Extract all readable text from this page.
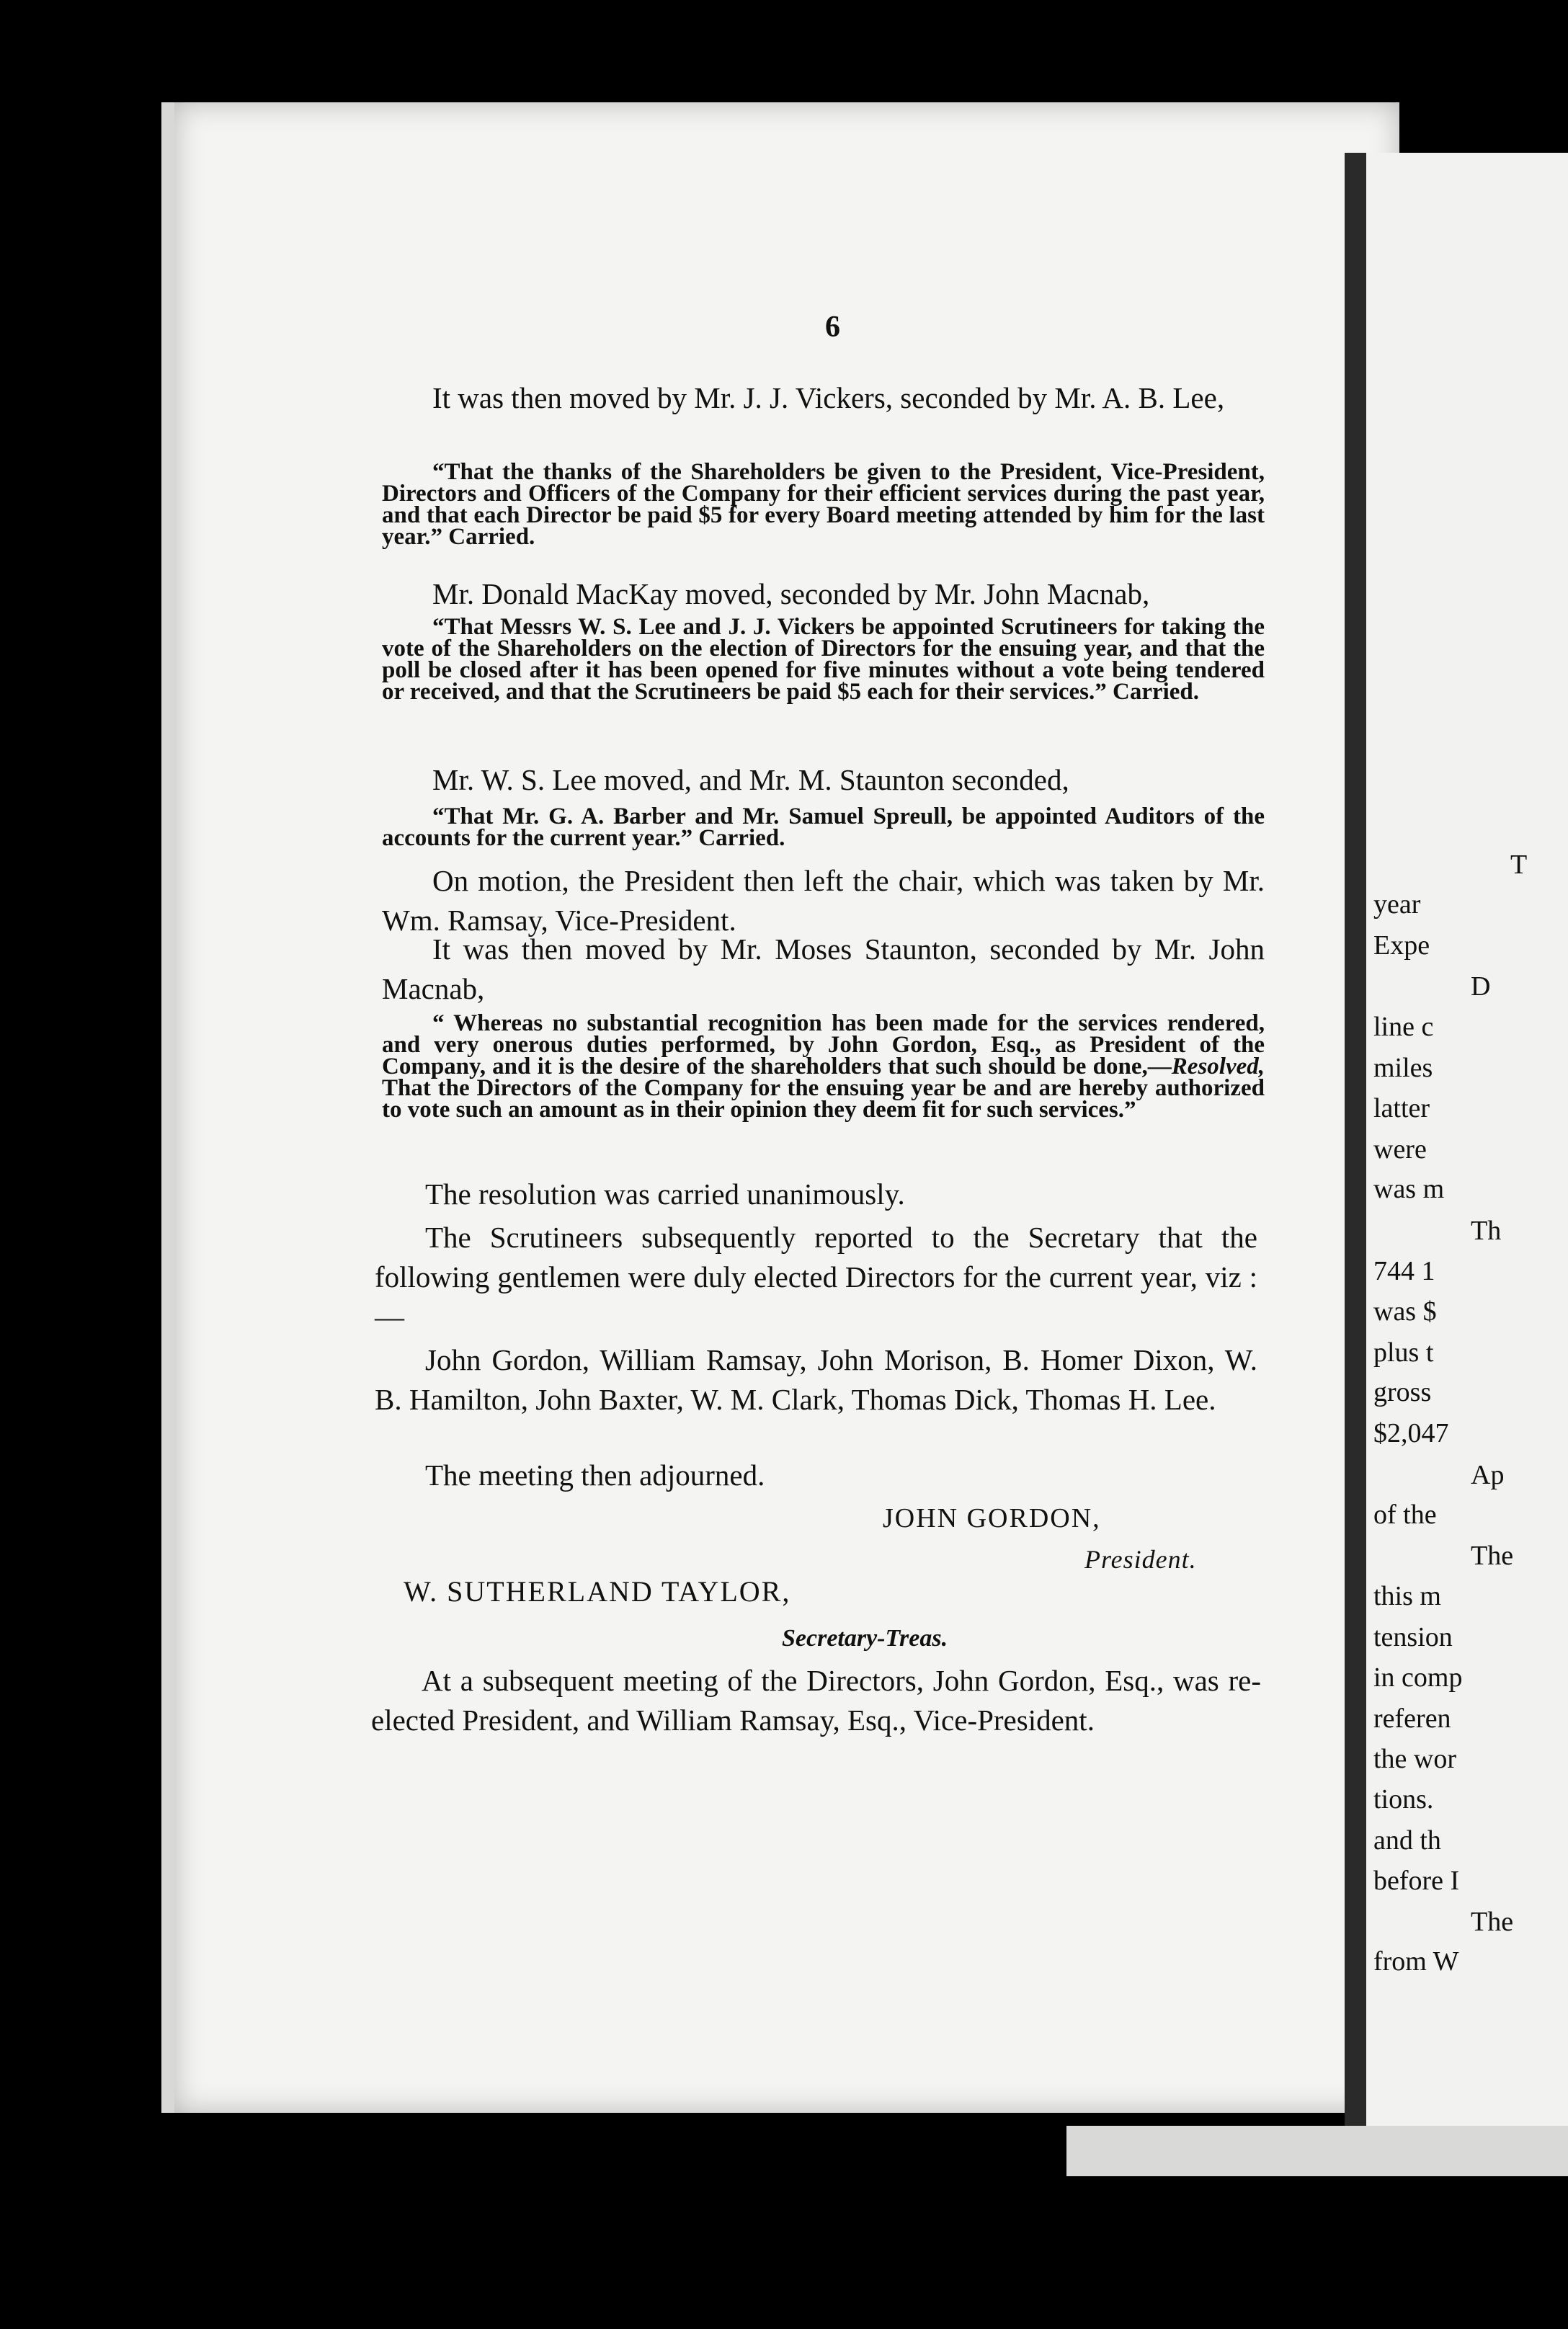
T
year
Expe
D
line c
miles
latter
were
was m
Th
744 1
was $
plus t
gross
$2,047
Ap
of the
The
this m
tension
in comp
referen
the wor
tions.
and th
before I
The
from W
6

It was then moved by Mr. J. J. Vickers, seconded by Mr. A. B. Lee,

“That the thanks of the Shareholders be given to the President, Vice-President, Directors and Officers of the Company for their efficient services during the past year, and that each Director be paid $5 for every Board meeting attended by him for the last year.” Carried.

Mr. Donald MacKay moved, seconded by Mr. John Macnab,

“That Messrs W. S. Lee and J. J. Vickers be appointed Scrutineers for taking the vote of the Shareholders on the election of Directors for the ensuing year, and that the poll be closed after it has been opened for five minutes without a vote being tendered or received, and that the Scrutineers be paid $5 each for their services.” Carried.

Mr. W. S. Lee moved, and Mr. M. Staunton seconded,

“That Mr. G. A. Barber and Mr. Samuel Spreull, be appointed Auditors of the accounts for the current year.” Carried.

On motion, the President then left the chair, which was taken by Mr. Wm. Ramsay, Vice-President.

It was then moved by Mr. Moses Staunton, seconded by Mr. John Macnab,

“ Whereas no substantial recognition has been made for the services rendered, and very onerous duties performed, by John Gordon, Esq., as President of the Company, and it is the desire of the shareholders that such should be done,—Resolved, That the Directors of the Company for the ensuing year be and are hereby authorized to vote such an amount as in their opinion they deem fit for such services.”

The resolution was carried unanimously.

The Scrutineers subsequently reported to the Secretary that the following gentlemen were duly elected Directors for the current year, viz :—

John Gordon, William Ramsay, John Morison, B. Homer Dixon, W. B. Hamilton, John Baxter, W. M. Clark, Thomas Dick, Thomas H. Lee.

The meeting then adjourned.

JOHN GORDON,
President.
W. SUTHERLAND TAYLOR,
Secretary-Treas.

At a subsequent meeting of the Directors, John Gordon, Esq., was re-elected President, and William Ramsay, Esq., Vice-President.
